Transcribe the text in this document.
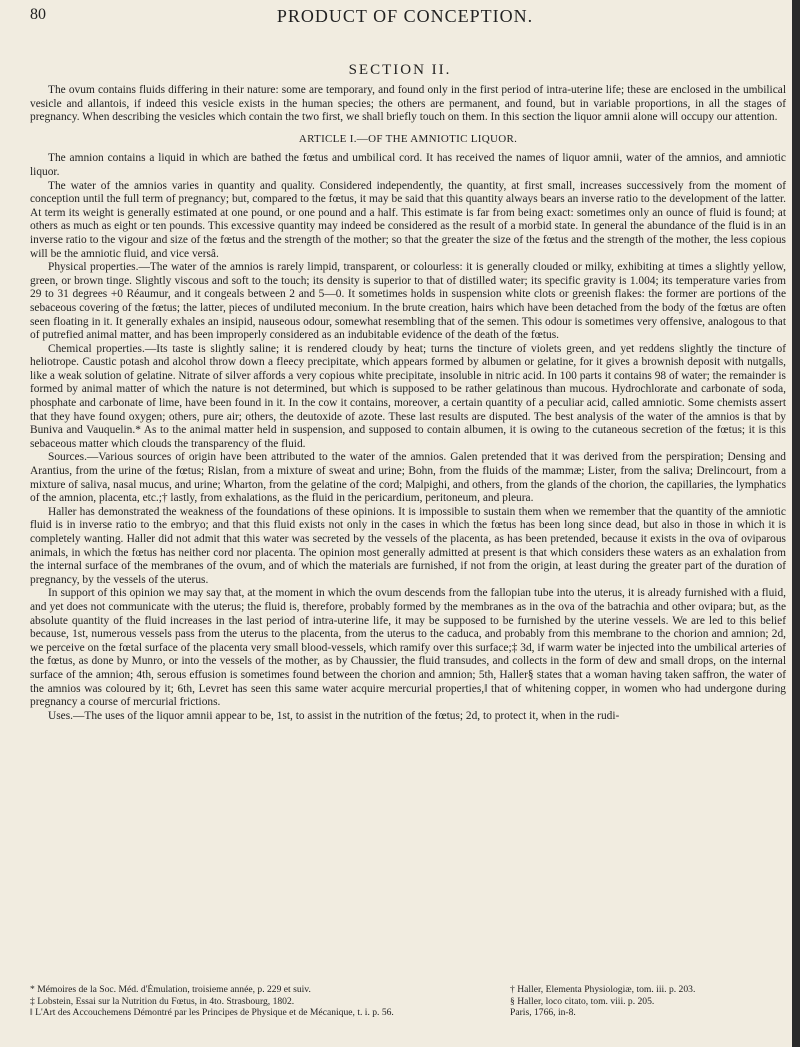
80	PRODUCT OF CONCEPTION.
SECTION II.

The ovum contains fluids differing in their nature: some are temporary, and found only in the first period of intra-uterine life; these are enclosed in the umbilical vesicle and allantois, if indeed this vesicle exists in the human species; the others are permanent, and found, but in variable proportions, in all the stages of pregnancy. When describing the vesicles which contain the two first, we shall briefly touch on them. In this section the liquor amnii alone will occupy our attention.

ARTICLE I.—OF THE AMNIOTIC LIQUOR.

The amnion contains a liquid in which are bathed the fœtus and umbilical cord. It has received the names of liquor amnii, water of the amnios, and amniotic liquor.

The water of the amnios varies in quantity and quality. Considered independently, the quantity, at first small, increases successively from the moment of conception until the full term of pregnancy; but, compared to the fœtus, it may be said that this quantity always bears an inverse ratio to the development of the latter. At term its weight is generally estimated at one pound, or one pound and a half. This estimate is far from being exact: sometimes only an ounce of fluid is found; at others as much as eight or ten pounds. This excessive quantity may indeed be considered as the result of a morbid state. In general the abundance of the fluid is in an inverse ratio to the vigour and size of the fœtus and the strength of the mother; so that the greater the size of the fœtus and the strength of the mother, the less copious will be the amniotic fluid, and vice versâ.

Physical properties.—The water of the amnios is rarely limpid, transparent, or colourless: it is generally clouded or milky, exhibiting at times a slightly yellow, green, or brown tinge. Slightly viscous and soft to the touch; its density is superior to that of distilled water; its specific gravity is 1.004; its temperature varies from 29 to 31 degrees +0 Réaumur, and it congeals between 2 and 5—0. It sometimes holds in suspension white clots or greenish flakes: the former are portions of the sebaceous covering of the fœtus; the latter, pieces of undiluted meconium. In the brute creation, hairs which have been detached from the body of the fœtus are often seen floating in it. It generally exhales an insipid, nauseous odour, somewhat resembling that of the semen. This odour is sometimes very offensive, analogous to that of putrefied animal matter, and has been improperly considered as an indubitable evidence of the death of the fœtus.

Chemical properties.—Its taste is slightly saline; it is rendered cloudy by heat; turns the tincture of violets green, and yet reddens slightly the tincture of heliotrope. Caustic potash and alcohol throw down a fleecy precipitate, which appears formed by albumen or gelatine, for it gives a brownish deposit with nutgalls, like a weak solution of gelatine. Nitrate of silver affords a very copious white precipitate, insoluble in nitric acid. In 100 parts it contains 98 of water; the remainder is formed by animal matter of which the nature is not determined, but which is supposed to be rather gelatinous than mucous. Hydrochlorate and carbonate of soda, phosphate and carbonate of lime, have been found in it. In the cow it contains, moreover, a certain quantity of a peculiar acid, called amniotic. Some chemists assert that they have found oxygen; others, pure air; others, the deutoxide of azote. These last results are disputed. The best analysis of the water of the amnios is that by Buniva and Vauquelin.* As to the animal matter held in suspension, and supposed to contain albumen, it is owing to the cutaneous secretion of the fœtus; it is this sebaceous matter which clouds the transparency of the fluid.

Sources.—Various sources of origin have been attributed to the water of the amnios. Galen pretended that it was derived from the perspiration; Densing and Arantius, from the urine of the fœtus; Rislan, from a mixture of sweat and urine; Bohn, from the fluids of the mammæ; Lister, from the saliva; Drelincourt, from a mixture of saliva, nasal mucus, and urine; Wharton, from the gelatine of the cord; Malpighi, and others, from the glands of the chorion, the capillaries, the lymphatics of the amnion, placenta, etc.;† lastly, from exhalations, as the fluid in the pericardium, peritoneum, and pleura.

Haller has demonstrated the weakness of the foundations of these opinions. It is impossible to sustain them when we remember that the quantity of the amniotic fluid is in inverse ratio to the embryo; and that this fluid exists not only in the cases in which the fœtus has been long since dead, but also in those in which it is completely wanting. Haller did not admit that this water was secreted by the vessels of the placenta, as has been pretended, because it exists in the ova of oviparous animals, in which the fœtus has neither cord nor placenta. The opinion most generally admitted at present is that which considers these waters as an exhalation from the internal surface of the membranes of the ovum, and of which the materials are furnished, if not from the origin, at least during the greater part of the duration of pregnancy, by the vessels of the uterus.

In support of this opinion we may say that, at the moment in which the ovum descends from the fallopian tube into the uterus, it is already furnished with a fluid, and yet does not communicate with the uterus; the fluid is, therefore, probably formed by the membranes as in the ova of the batrachia and other ovipara; but, as the absolute quantity of the fluid increases in the last period of intra-uterine life, it may be supposed to be furnished by the uterine vessels. We are led to this belief because, 1st, numerous vessels pass from the uterus to the placenta, from the uterus to the caduca, and probably from this membrane to the chorion and amnion; 2d, we perceive on the fœtal surface of the placenta very small blood-vessels, which ramify over this surface;‡ 3d, if warm water be injected into the umbilical arteries of the fœtus, as done by Munro, or into the vessels of the mother, as by Chaussier, the fluid transudes, and collects in the form of dew and small drops, on the internal surface of the amnion; 4th, serous effusion is sometimes found between the chorion and amnion; 5th, Haller§ states that a woman having taken saffron, the water of the amnios was coloured by it; 6th, Levret has seen this same water acquire mercurial properties,‖ that of whitening copper, in women who had undergone during pregnancy a course of mercurial frictions.

Uses.—The uses of the liquor amnii appear to be, 1st, to assist in the nutrition of the fœtus; 2d, to protect it, when in the rudi-

* Mémoires de la Soc. Méd. d'Émulation, troisieme année, p. 229 et suiv.
‡ Lobstein, Essai sur la Nutrition du Fœtus, in 4to. Strasbourg, 1802.
‖ L'Art des Accouchemens Démontré par les Principes de Physique et de Mécanique, t. i. p. 56.
† Haller, Elementa Physiologiæ, tom. iii. p. 203.
§ Haller, loco citato, tom. viii. p. 205.
Paris, 1766, in-8.
